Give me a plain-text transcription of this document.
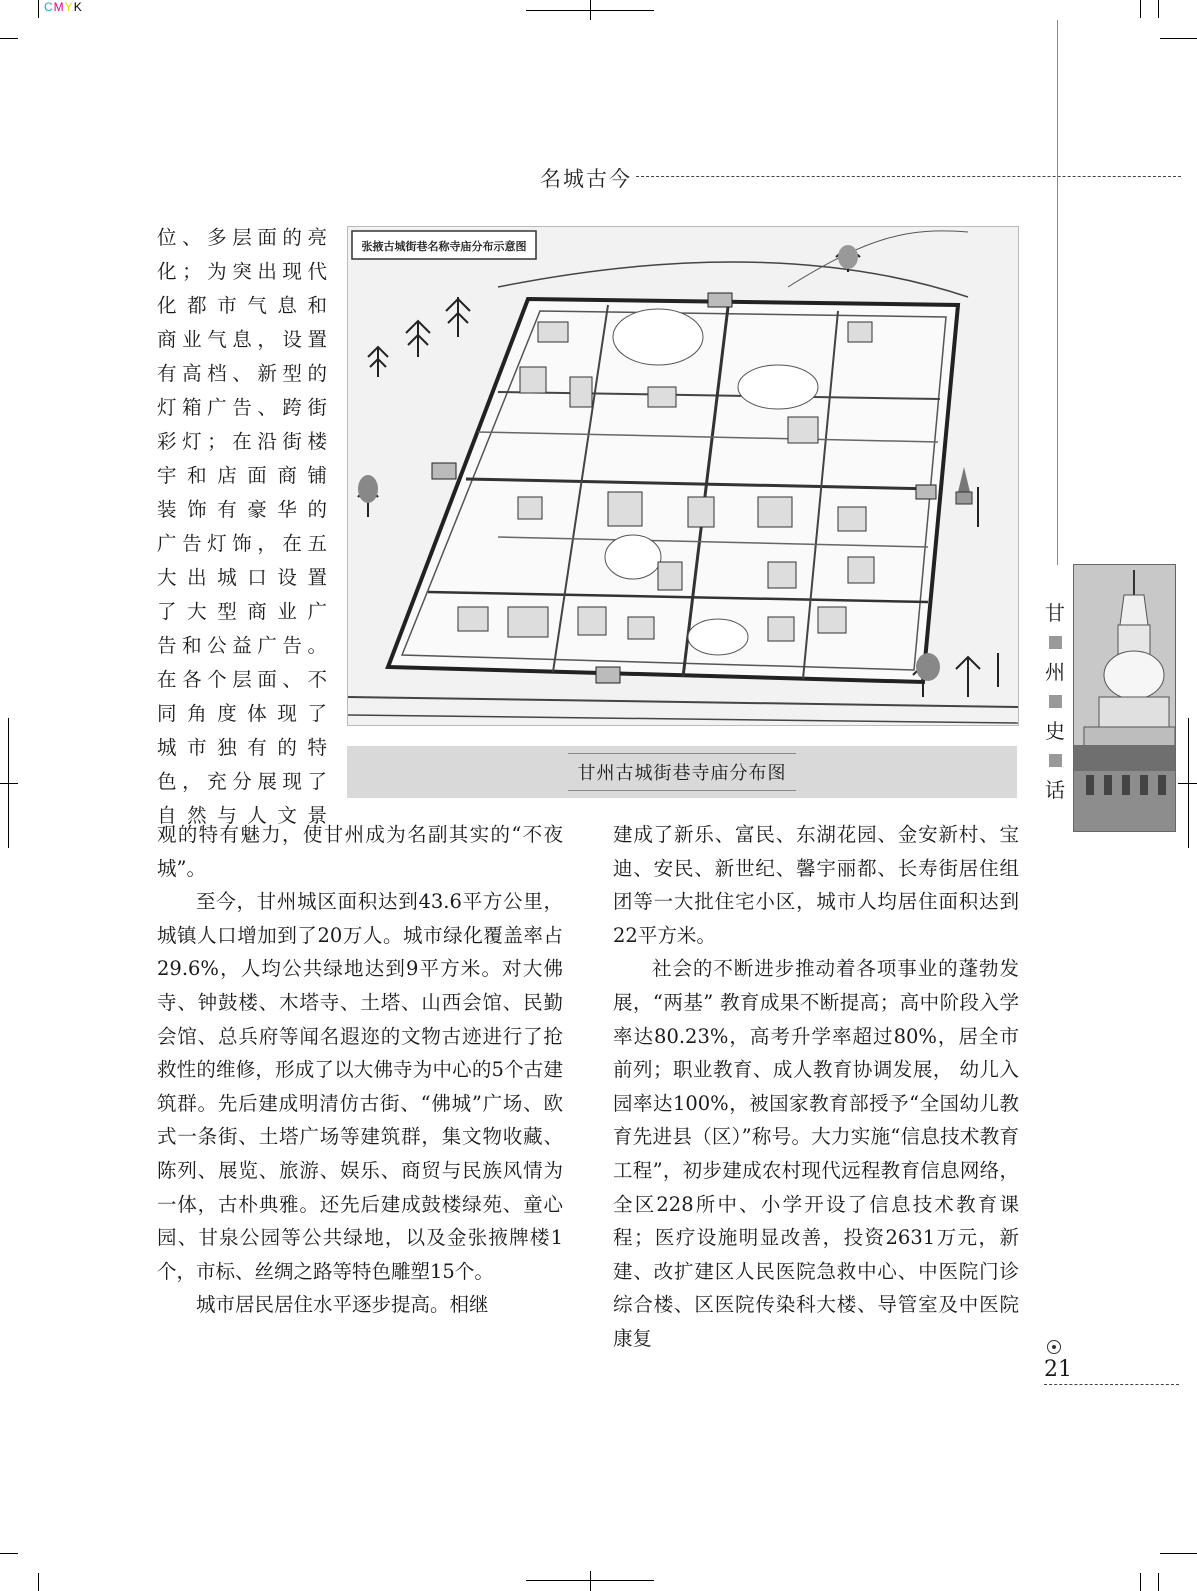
CMYK
名城古今
位、多层面的亮
化；为突出现代
化都市气息和
商业气息，设置
有高档、新型的
灯箱广告、跨街
彩灯；在沿街楼
宇和店面商铺
装饰有豪华的
广告灯饰，在五
大出城口设置
了大型商业广
告和公益广告。
在各个层面、不
同角度体现了
城市独有的特
色，充分展现了
自然与人文景
张掖古城街巷名称寺庙分布示意图
甘州古城街巷寺庙分布图

观的特有魅力，使甘州成为名副其实的“不夜城”。

至今，甘州城区面积达到43.6平方公里，城镇人口增加到了20万人。城市绿化覆盖率占29.6%，人均公共绿地达到9平方米。对大佛寺、钟鼓楼、木塔寺、土塔、山西会馆、民勤会馆、总兵府等闻名遐迩的文物古迹进行了抢救性的维修，形成了以大佛寺为中心的5个古建筑群。先后建成明清仿古街、“佛城”广场、欧式一条街、土塔广场等建筑群，集文物收藏、陈列、展览、旅游、娱乐、商贸与民族风情为一体，古朴典雅。还先后建成鼓楼绿苑、童心园、甘泉公园等公共绿地，以及金张掖牌楼1个，市标、丝绸之路等特色雕塑15个。

城市居民居住水平逐步提高。相继

建成了新乐、富民、东湖花园、金安新村、宝迪、安民、新世纪、馨宇丽都、长寿街居住组团等一大批住宅小区，城市人均居住面积达到22平方米。

社会的不断进步推动着各项事业的蓬勃发展，“两基” 教育成果不断提高；高中阶段入学率达80.23%，高考升学率超过80%，居全市前列；职业教育、成人教育协调发展， 幼儿入园率达100%，被国家教育部授予“全国幼儿教育先进县（区）”称号。大力实施“信息技术教育工程”，初步建成农村现代远程教育信息网络，全区228所中、小学开设了信息技术教育课程；医疗设施明显改善，投资2631万元，新建、改扩建区人民医院急救中心、中医院门诊综合楼、区医院传染科大楼、导管室及中医院康复

甘
州
史
话
21
